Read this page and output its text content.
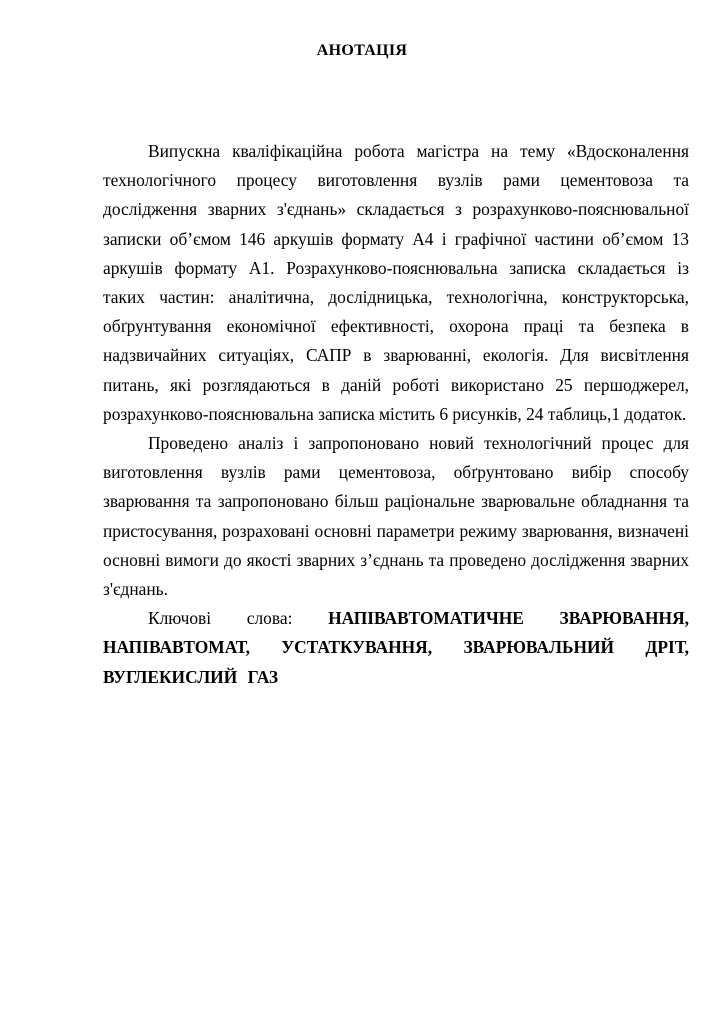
АНОТАЦІЯ

Випускна кваліфікаційна робота магістра на тему «Вдосконалення технологічного процесу виготовлення вузлів рами цементовоза та дослідження зварних з'єднань» складається з розрахунково-пояснювальної записки об’ємом 146 аркушів формату А4 і графічної частини об’ємом 13 аркушів формату А1. Розрахунково-пояснювальна записка складається із таких частин: аналітична, дослідницька, технологічна, конструкторська, обґрунтування економічної ефективності, охорона праці та безпека в надзвичайних ситуаціях, САПР в зварюванні, екологія. Для висвітлення питань, які розглядаються в даній роботі використано 25 першоджерел, розрахунково-пояснювальна записка містить 6 рисунків, 24 таблиць,1 додаток.

Проведено аналіз і запропоновано новий технологічний процес для виготовлення вузлів рами цементовоза, обґрунтовано вибір способу зварювання та запропоновано більш раціональне зварювальне обладнання та пристосування, розраховані основні параметри режиму зварювання, визначені основні вимоги до якості зварних з’єднань та проведено дослідження зварних з'єднань.

Ключові слова: НАПІВАВТОМАТИЧНЕ ЗВАРЮВАННЯ, НАПІВАВТОМАТ, УСТАТКУВАННЯ, ЗВАРЮВАЛЬНИЙ ДРІТ, ВУГЛЕКИСЛИЙ ГАЗ
